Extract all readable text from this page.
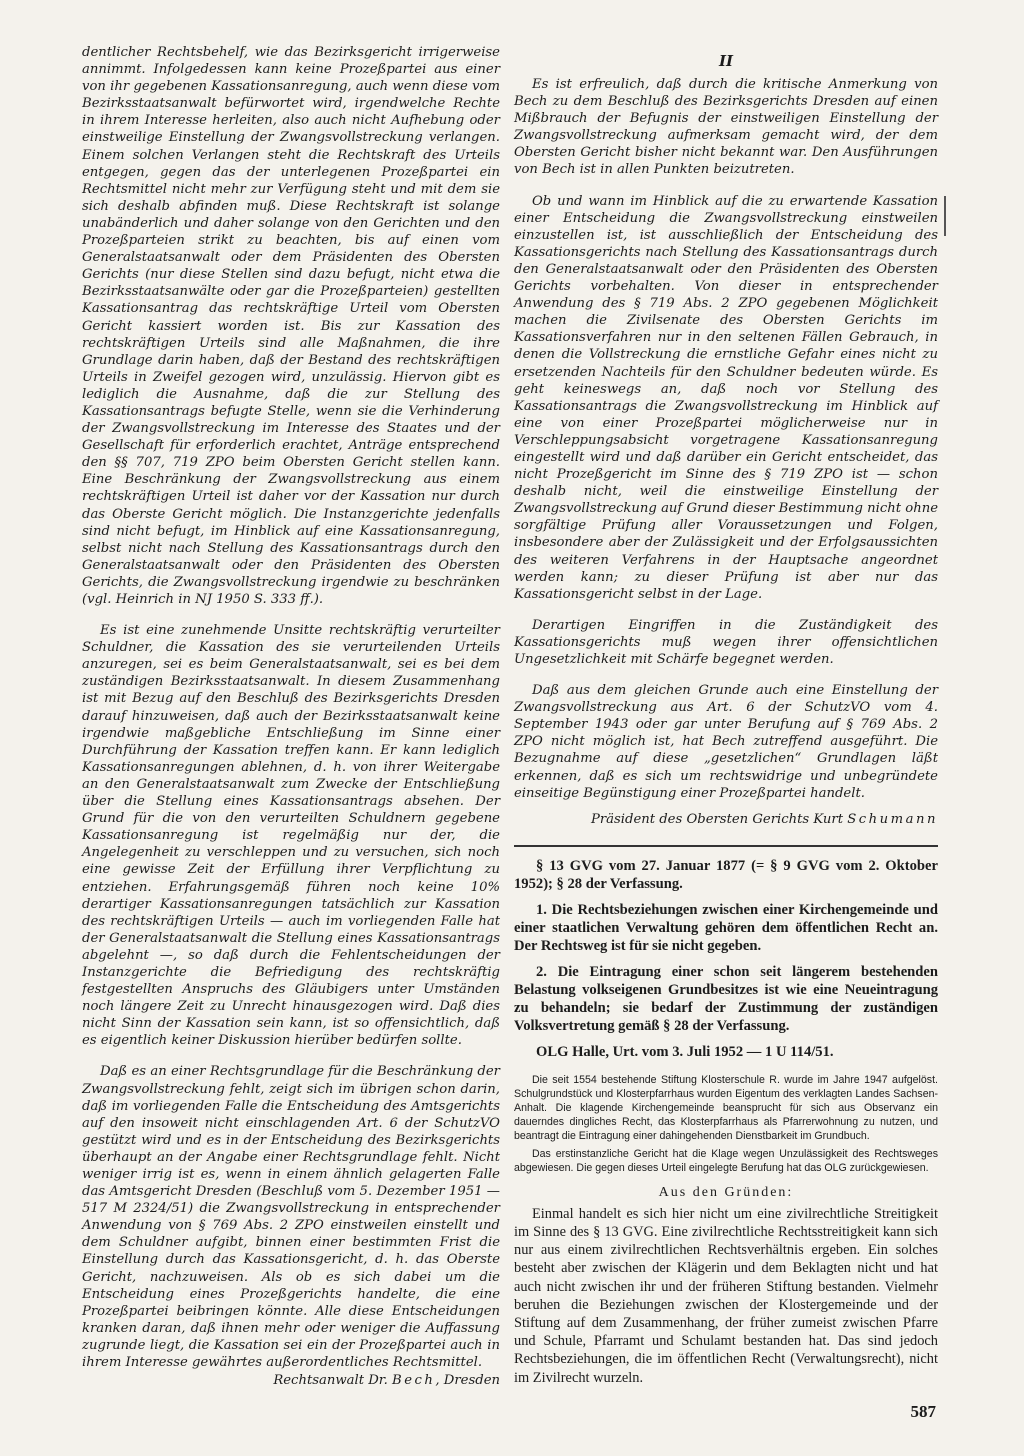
dentlicher Rechtsbehelf, wie das Bezirksgericht irrigerweise annimmt. Infolgedessen kann keine Prozeßpartei aus einer von ihr gegebenen Kassationsanregung, auch wenn diese vom Bezirksstaatsanwalt befürwortet wird, irgendwelche Rechte in ihrem Interesse herleiten, also auch nicht Aufhebung oder einstweilige Einstellung der Zwangsvollstreckung verlangen. Einem solchen Verlangen steht die Rechtskraft des Urteils entgegen, gegen das der unterlegenen Prozeßpartei ein Rechtsmittel nicht mehr zur Verfügung steht und mit dem sie sich deshalb abfinden muß. Diese Rechtskraft ist solange unabänderlich und daher solange von den Gerichten und den Prozeßparteien strikt zu beachten, bis auf einen vom Generalstaatsanwalt oder dem Präsidenten des Obersten Gerichts (nur diese Stellen sind dazu befugt, nicht etwa die Bezirksstaatsanwälte oder gar die Prozeßparteien) gestellten Kassationsantrag das rechtskräftige Urteil vom Obersten Gericht kassiert worden ist. Bis zur Kassation des rechtskräftigen Urteils sind alle Maßnahmen, die ihre Grundlage darin haben, daß der Bestand des rechtskräftigen Urteils in Zweifel gezogen wird, unzulässig. Hiervon gibt es lediglich die Ausnahme, daß die zur Stellung des Kassationsantrags befugte Stelle, wenn sie die Verhinderung der Zwangsvollstreckung im Interesse des Staates und der Gesellschaft für erforderlich erachtet, Anträge entsprechend den §§ 707, 719 ZPO beim Obersten Gericht stellen kann. Eine Beschränkung der Zwangsvollstreckung aus einem rechtskräftigen Urteil ist daher vor der Kassation nur durch das Oberste Gericht möglich. Die Instanzgerichte jedenfalls sind nicht befugt, im Hinblick auf eine Kassationsanregung, selbst nicht nach Stellung des Kassationsantrags durch den Generalstaatsanwalt oder den Präsidenten des Obersten Gerichts, die Zwangsvollstreckung irgendwie zu beschränken (vgl. Heinrich in NJ 1950 S. 333 ff.).

Es ist eine zunehmende Unsitte rechtskräftig verurteilter Schuldner, die Kassation des sie verurteilenden Urteils anzuregen, sei es beim Generalstaatsanwalt, sei es bei dem zuständigen Bezirksstaatsanwalt. In diesem Zusammenhang ist mit Bezug auf den Beschluß des Bezirksgerichts Dresden darauf hinzuweisen, daß auch der Bezirksstaatsanwalt keine irgendwie maßgebliche Entschließung im Sinne einer Durchführung der Kassation treffen kann. Er kann lediglich Kassationsanregungen ablehnen, d. h. von ihrer Weitergabe an den Generalstaatsanwalt zum Zwecke der Entschließung über die Stellung eines Kassationsantrags absehen. Der Grund für die von den verurteilten Schuldnern gegebene Kassationsanregung ist regelmäßig nur der, die Angelegenheit zu verschleppen und zu versuchen, sich noch eine gewisse Zeit der Erfüllung ihrer Verpflichtung zu entziehen. Erfahrungsgemäß führen noch keine 10% derartiger Kassationsanregungen tatsächlich zur Kassation des rechtskräftigen Urteils — auch im vorliegenden Falle hat der Generalstaatsanwalt die Stellung eines Kassationsantrags abgelehnt —, so daß durch die Fehlentscheidungen der Instanzgerichte die Befriedigung des rechtskräftig festgestellten Anspruchs des Gläubigers unter Umständen noch längere Zeit zu Unrecht hinausgezogen wird. Daß dies nicht Sinn der Kassation sein kann, ist so offensichtlich, daß es eigentlich keiner Diskussion hierüber bedürfen sollte.

Daß es an einer Rechtsgrundlage für die Beschränkung der Zwangsvollstreckung fehlt, zeigt sich im übrigen schon darin, daß im vorliegenden Falle die Entscheidung des Amtsgerichts auf den insoweit nicht einschlagenden Art. 6 der SchutzVO gestützt wird und es in der Entscheidung des Bezirksgerichts überhaupt an der Angabe einer Rechtsgrundlage fehlt. Nicht weniger irrig ist es, wenn in einem ähnlich gelagerten Falle das Amtsgericht Dresden (Beschluß vom 5. Dezember 1951 — 517 M 2324/51) die Zwangsvollstreckung in entsprechender Anwendung von § 769 Abs. 2 ZPO einstweilen einstellt und dem Schuldner aufgibt, binnen einer bestimmten Frist die Einstellung durch das Kassationsgericht, d. h. das Oberste Gericht, nachzuweisen. Als ob es sich dabei um die Entscheidung eines Prozeßgerichts handelte, die eine Prozeßpartei beibringen könnte. Alle diese Entscheidungen kranken daran, daß ihnen mehr oder weniger die Auffassung zugrunde liegt, die Kassation sei ein der Prozeßpartei auch in ihrem Interesse gewährtes außerordentliches Rechtsmittel.

Rechtsanwalt Dr. Bech, Dresden
II

Es ist erfreulich, daß durch die kritische Anmerkung von Bech zu dem Beschluß des Bezirksgerichts Dresden auf einen Mißbrauch der Befugnis der einstweiligen Einstellung der Zwangsvollstreckung aufmerksam gemacht wird, der dem Obersten Gericht bisher nicht bekannt war. Den Ausführungen von Bech ist in allen Punkten beizutreten.

Ob und wann im Hinblick auf die zu erwartende Kassation einer Entscheidung die Zwangsvollstreckung einstweilen einzustellen ist, ist ausschließlich der Entscheidung des Kassationsgerichts nach Stellung des Kassationsantrags durch den Generalstaatsanwalt oder den Präsidenten des Obersten Gerichts vorbehalten. Von dieser in entsprechender Anwendung des § 719 Abs. 2 ZPO gegebenen Möglichkeit machen die Zivilsenate des Obersten Gerichts im Kassationsverfahren nur in den seltenen Fällen Gebrauch, in denen die Vollstreckung die ernstliche Gefahr eines nicht zu ersetzenden Nachteils für den Schuldner bedeuten würde. Es geht keineswegs an, daß noch vor Stellung des Kassationsantrags die Zwangsvollstreckung im Hinblick auf eine von einer Prozeßpartei möglicherweise nur in Verschleppungsabsicht vorgetragene Kassationsanregung eingestellt wird und daß darüber ein Gericht entscheidet, das nicht Prozeßgericht im Sinne des § 719 ZPO ist — schon deshalb nicht, weil die einstweilige Einstellung der Zwangsvollstreckung auf Grund dieser Bestimmung nicht ohne sorgfältige Prüfung aller Voraussetzungen und Folgen, insbesondere aber der Zulässigkeit und der Erfolgsaussichten des weiteren Verfahrens in der Hauptsache angeordnet werden kann; zu dieser Prüfung ist aber nur das Kassationsgericht selbst in der Lage.

Derartigen Eingriffen in die Zuständigkeit des Kassationsgerichts muß wegen ihrer offensichtlichen Ungesetzlichkeit mit Schärfe begegnet werden.

Daß aus dem gleichen Grunde auch eine Einstellung der Zwangsvollstreckung aus Art. 6 der SchutzVO vom 4. September 1943 oder gar unter Berufung auf § 769 Abs. 2 ZPO nicht möglich ist, hat Bech zutreffend ausgeführt. Die Bezugnahme auf diese „gesetzlichen“ Grundlagen läßt erkennen, daß es sich um rechtswidrige und unbegründete einseitige Begünstigung einer Prozeßpartei handelt.

Präsident des Obersten Gerichts Kurt Schumann

§ 13 GVG vom 27. Januar 1877 (= § 9 GVG vom 2. Oktober 1952); § 28 der Verfassung.

1. Die Rechtsbeziehungen zwischen einer Kirchengemeinde und einer staatlichen Verwaltung gehören dem öffentlichen Recht an. Der Rechtsweg ist für sie nicht gegeben.

2. Die Eintragung einer schon seit längerem bestehenden Belastung volkseigenen Grundbesitzes ist wie eine Neueintragung zu behandeln; sie bedarf der Zustimmung der zuständigen Volksvertretung gemäß § 28 der Verfassung.

OLG Halle, Urt. vom 3. Juli 1952 — 1 U 114/51.

Die seit 1554 bestehende Stiftung Klosterschule R. wurde im Jahre 1947 aufgelöst. Schulgrundstück und Klosterpfarrhaus wurden Eigentum des verklagten Landes Sachsen-Anhalt. Die klagende Kirchengemeinde beansprucht für sich aus Observanz ein dauerndes dingliches Recht, das Klosterpfarrhaus als Pfarrerwohnung zu nutzen, und beantragt die Eintragung einer dahingehenden Dienstbarkeit im Grundbuch.

Das erstinstanzliche Gericht hat die Klage wegen Unzulässigkeit des Rechtsweges abgewiesen. Die gegen dieses Urteil eingelegte Berufung hat das OLG zurückgewiesen.

Aus den Gründen:

Einmal handelt es sich hier nicht um eine zivilrechtliche Streitigkeit im Sinne des § 13 GVG. Eine zivilrechtliche Rechtsstreitigkeit kann sich nur aus einem zivilrechtlichen Rechtsverhältnis ergeben. Ein solches besteht aber zwischen der Klägerin und dem Beklagten nicht und hat auch nicht zwischen ihr und der früheren Stiftung bestanden. Vielmehr beruhen die Beziehungen zwischen der Klostergemeinde und der Stiftung auf dem Zusammenhang, der früher zumeist zwischen Pfarre und Schule, Pfarramt und Schulamt bestanden hat. Das sind jedoch Rechtsbeziehungen, die im öffentlichen Recht (Verwaltungsrecht), nicht im Zivilrecht wurzeln.

587
